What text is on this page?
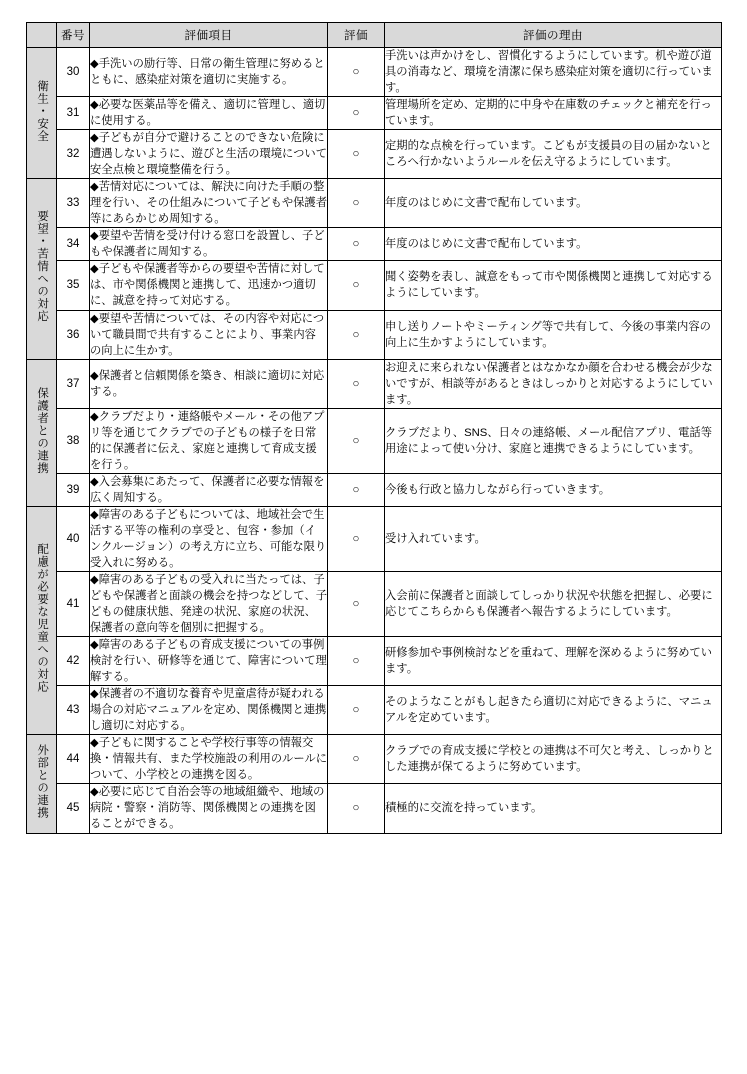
	番号	評価項目	評価	評価の理由
衛生・安全	30	◆手洗いの励行等、日常の衛生管理に努めるとともに、感染症対策を適切に実施する。	○	手洗いは声かけをし、習慣化するようにしています。机や遊び道具の消毒など、環境を清潔に保ち感染症対策を適切に行っています。
	31	◆必要な医薬品等を備え、適切に管理し、適切に使用する。	○	管理場所を定め、定期的に中身や在庫数のチェックと補充を行っています。
	32	◆子どもが自分で避けることのできない危険に遭遇しないように、遊びと生活の環境について安全点検と環境整備を行う。	○	定期的な点検を行っています。こどもが支援員の目の届かないところへ行かないようルールを伝え守るようにしています。
要望・苦情への対応	33	◆苦情対応については、解決に向けた手順の整理を行い、その仕組みについて子どもや保護者等にあらかじめ周知する。	○	年度のはじめに文書で配布しています。
	34	◆要望や苦情を受け付ける窓口を設置し、子どもや保護者に周知する。	○	年度のはじめに文書で配布しています。
	35	◆子どもや保護者等からの要望や苦情に対しては、市や関係機関と連携して、迅速かつ適切に、誠意を持って対応する。	○	聞く姿勢を表し、誠意をもって市や関係機関と連携して対応するようにしています。
	36	◆要望や苦情については、その内容や対応について職員間で共有することにより、事業内容の向上に生かす。	○	申し送りノートやミーティング等で共有して、今後の事業内容の向上に生かすようにしています。
保護者との連携	37	◆保護者と信頼関係を築き、相談に適切に対応する。	○	お迎えに来られない保護者とはなかなか顔を合わせる機会が少ないですが、相談等があるときはしっかりと対応するようにしています。
	38	◆クラブだより・連絡帳やメール・その他アプリ等を通じてクラブでの子どもの様子を日常的に保護者に伝え、家庭と連携して育成支援を行う。	○	クラブだより、SNS、日々の連絡帳、メール配信アプリ、電話等用途によって使い分け、家庭と連携できるようにしています。
	39	◆入会募集にあたって、保護者に必要な情報を広く周知する。	○	今後も行政と協力しながら行っていきます。
配慮が必要な児童への対応	40	◆障害のある子どもについては、地域社会で生活する平等の権利の享受と、包容・参加（インクルージョン）の考え方に立ち、可能な限り受入れに努める。	○	受け入れています。
	41	◆障害のある子どもの受入れに当たっては、子どもや保護者と面談の機会を持つなどして、子どもの健康状態、発達の状況、家庭の状況、保護者の意向等を個別に把握する。	○	入会前に保護者と面談してしっかり状況や状態を把握し、必要に応じてこちらからも保護者へ報告するようにしています。
	42	◆障害のある子どもの育成支援についての事例検討を行い、研修等を通じて、障害について理解する。	○	研修参加や事例検討などを重ねて、理解を深めるように努めています。
	43	◆保護者の不適切な養育や児童虐待が疑われる場合の対応マニュアルを定め、関係機関と連携し適切に対応する。	○	そのようなことがもし起きたら適切に対応できるように、マニュアルを定めています。
外部との連携	44	◆子どもに関することや学校行事等の情報交換・情報共有、また学校施設の利用のルールについて、小学校との連携を図る。	○	クラブでの育成支援に学校との連携は不可欠と考え、しっかりとした連携が保てるように努めています。
	45	◆必要に応じて自治会等の地域組織や、地域の病院・警察・消防等、関係機関との連携を図ることができる。	○	積極的に交流を持っています。
